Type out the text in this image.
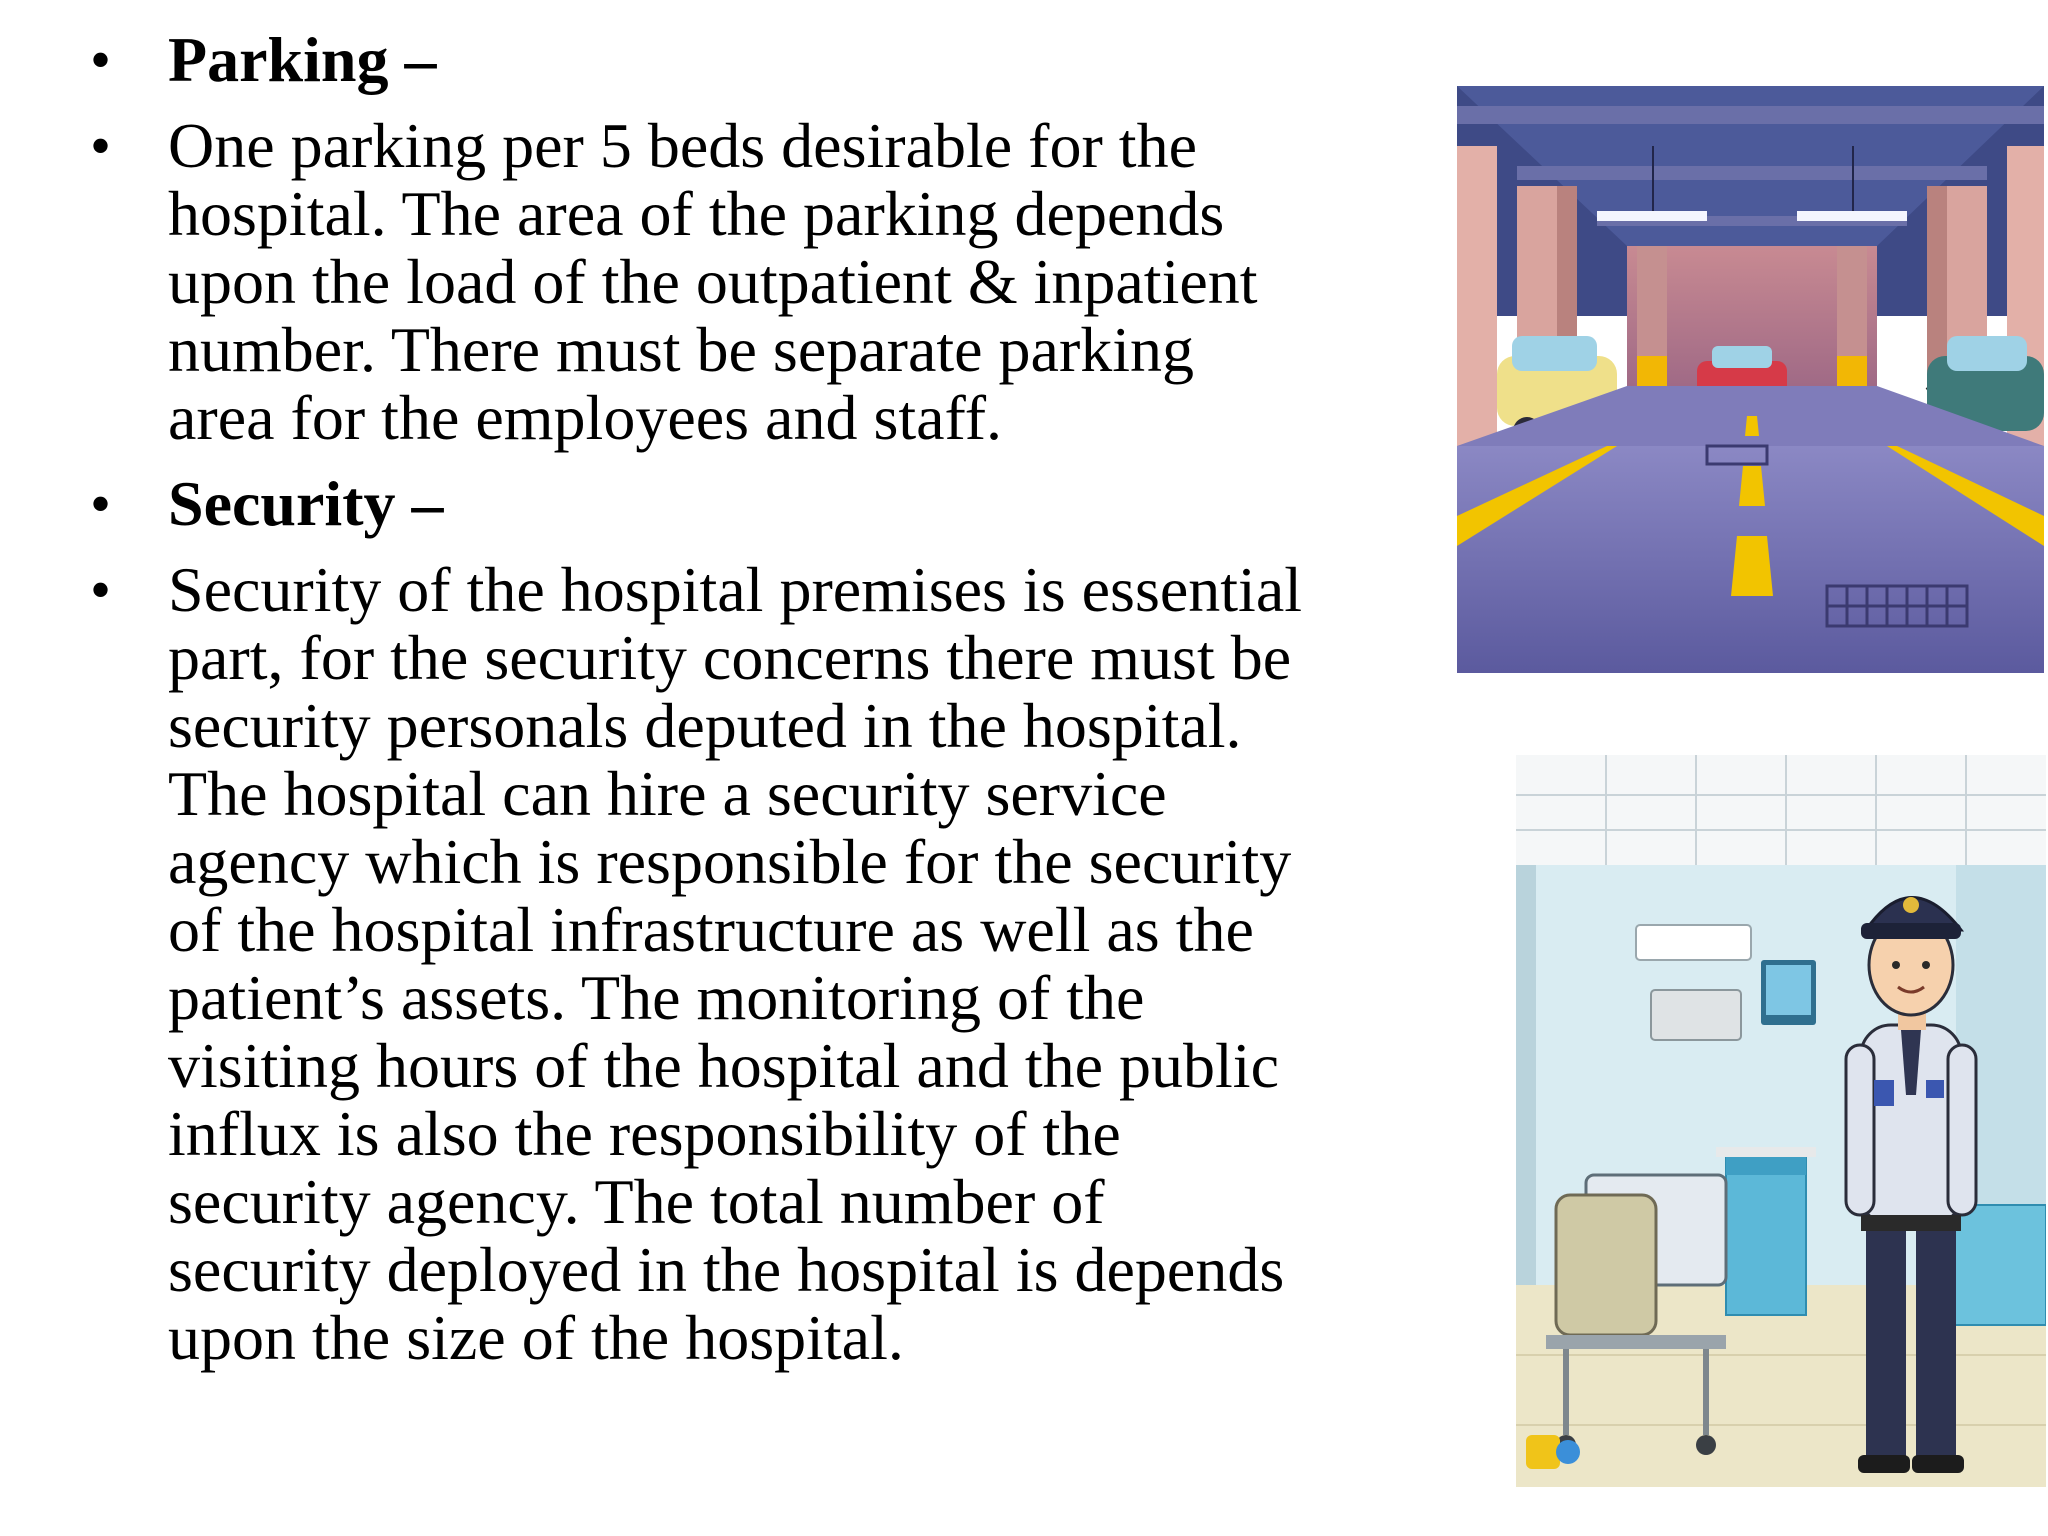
• Parking –
• One parking per 5 beds desirable for the
hospital. The area of the parking depends
upon the load of the outpatient & inpatient
number. There must be separate parking
area for the employees and staff.
• Security –
• Security of the hospital premises is essential
part, for the security concerns there must be
security personals deputed in the hospital.
The hospital can hire a security service
agency which is responsible for the security
of the hospital infrastructure as well as the
patient’s assets. The monitoring of the
visiting hours of the hospital and the public
influx is also the responsibility of the
security agency. The total number of
security deployed in the hospital is depends
upon the size of the hospital.
